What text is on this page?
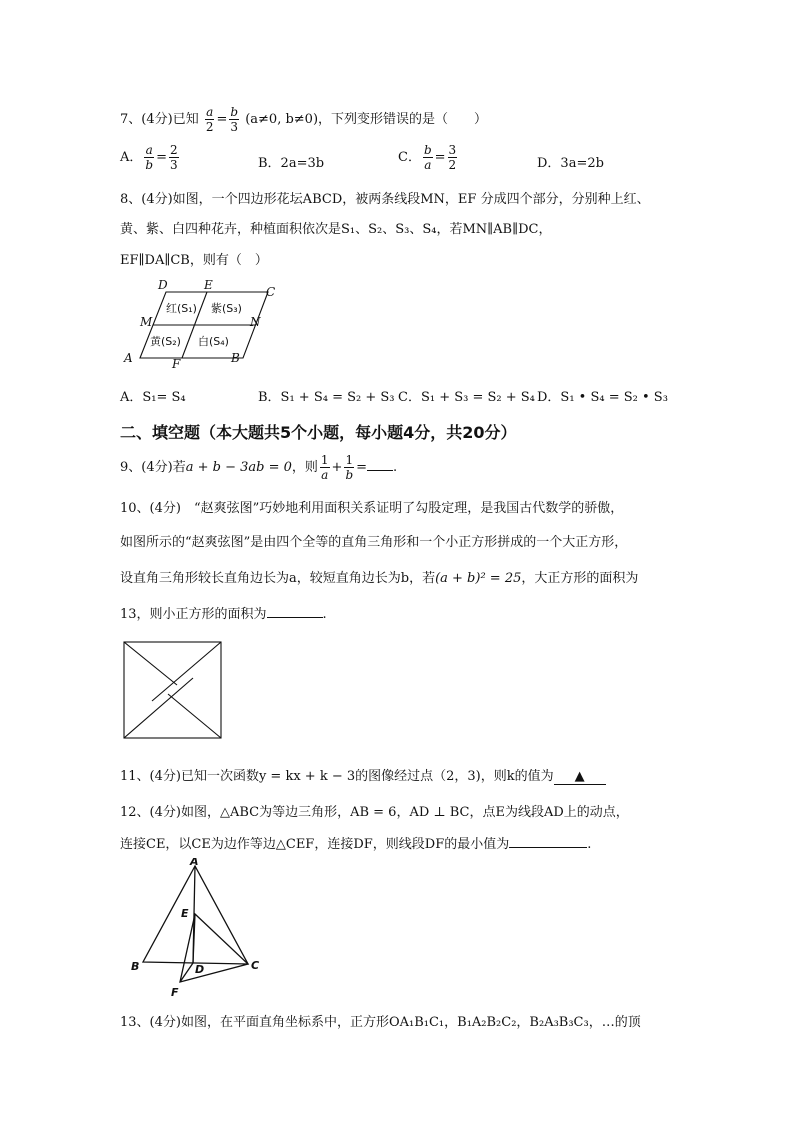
7、(4分)已知 $\frac{a}{2} = \frac{b}{3} (a\ne 0$, b≠0)，下列变形错误的是（　　）
A． $\frac{a}{b} = \frac{2}{3}$	B．2a=3b	C． $\frac{b}{a} = \frac{3}{2}$	D．3a=2b
8、(4分)如图，一个四边形花坛ABCD，被两条线段MN，EF 分成四个部分，分别种上红、
黄、紫、白四种花卉，种植面积依次是S₁、S₂、S₃、S₄，若MN∥AB∥DC，
EF∥DA∥CB，则有（　）
D	E	C
M	N
A	F	B
红(S₁) 紫(S₃)
黄(S₂) 白(S₄)
A．S₁= S₄	B．S₁ + S₄ = S₂ + S₃ C．S₁ + S₃ = S₂ + S₄ D．S₁ • S₄ = S₂ • S₃
二、填空题（本大题共5个小题，每小题4分，共20分）
9、(4分)若a + b − 3ab = 0，则 $\frac{1}{a} + \frac{1}{b}$ = .
10、(4分)　“赵爽弦图”巧妙地利用面积关系证明了勾股定理，是我国古代数学的骄傲，
如图所示的“赵爽弦图”是由四个全等的直角三角形和一个小正方形拼成的一个大正方形，
设直角三角形较长直角边长为a，较短直角边长为b，若(a + b)² = 25，大正方形的面积为
13，则小正方形的面积为	.
11、(4分)已知一次函数y = kx + k − 3的图像经过点（2，3)，则k的值为 ▲
12、(4分)如图，△ABC为等边三角形，AB = 6，AD ⊥ BC，点E为线段AD上的动点，
连接CE，以CE为边作等边△CEF，连接DF，则线段DF的最小值为	.
A
E
B	D	C
F
13、(4分)如图，在平面直角坐标系中，正方形OA₁B₁C₁，B₁A₂B₂C₂，B₂A₃B₃C₃，…的顶
